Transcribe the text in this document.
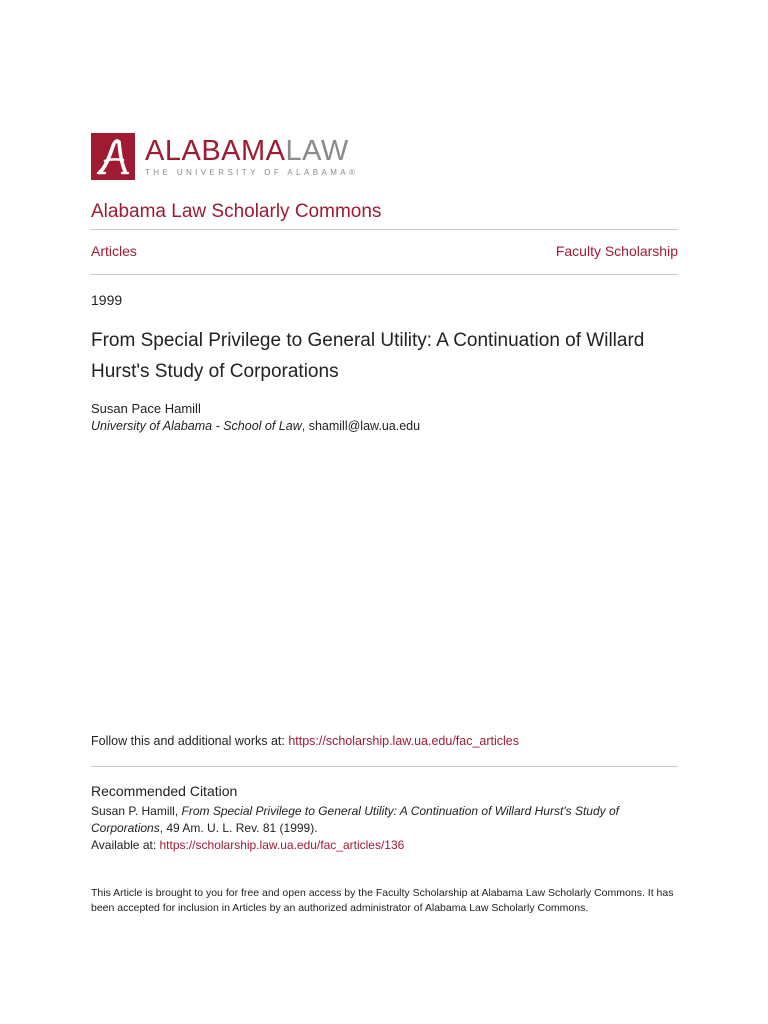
ALABAMALAW
THE UNIVERSITY OF ALABAMA®
Alabama Law Scholarly Commons
Articles	Faculty Scholarship
1999
From Special Privilege to General Utility: A Continuation of Willard Hurst's Study of Corporations
Susan Pace Hamill
University of Alabama - School of Law, shamill@law.ua.edu
Follow this and additional works at: https://scholarship.law.ua.edu/fac_articles
Recommended Citation
Susan P. Hamill, From Special Privilege to General Utility: A Continuation of Willard Hurst's Study of Corporations, 49 Am. U. L. Rev. 81 (1999).
Available at: https://scholarship.law.ua.edu/fac_articles/136
This Article is brought to you for free and open access by the Faculty Scholarship at Alabama Law Scholarly Commons. It has been accepted for inclusion in Articles by an authorized administrator of Alabama Law Scholarly Commons.
